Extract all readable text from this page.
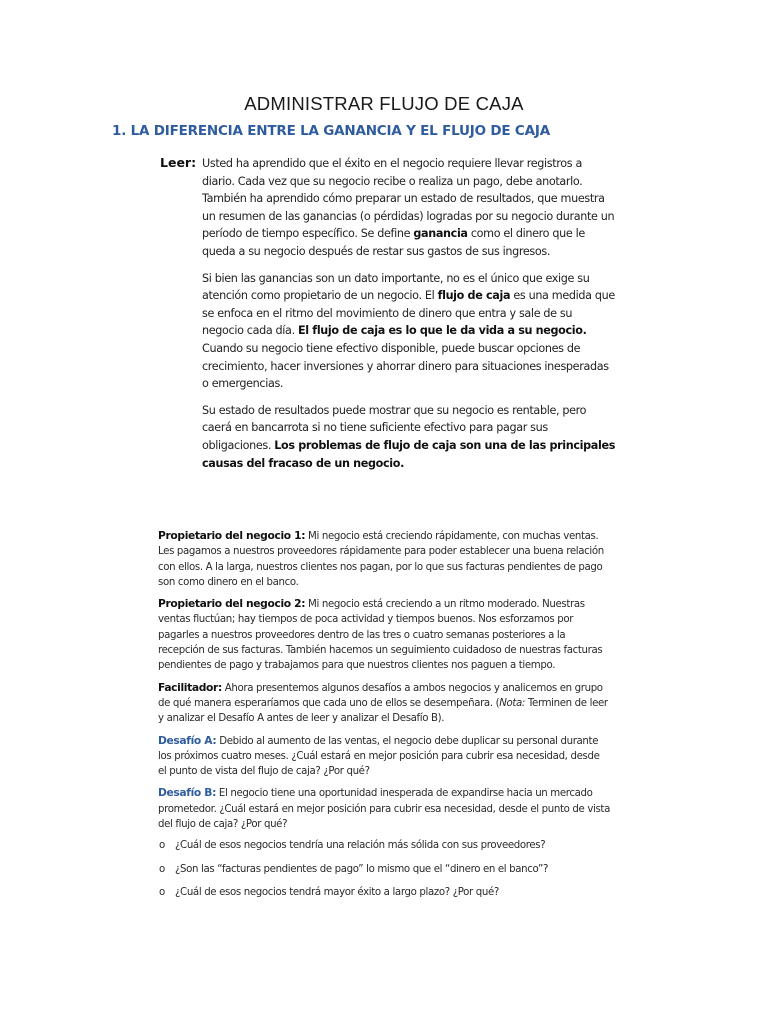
ADMINISTRAR FLUJO DE CAJA
1. LA DIFERENCIA ENTRE LA GANANCIA Y EL FLUJO DE CAJA
Leer: Usted ha aprendido que el éxito en el negocio requiere llevar registros a diario. Cada vez que su negocio recibe o realiza un pago, debe anotarlo. También ha aprendido cómo preparar un estado de resultados, que muestra un resumen de las ganancias (o pérdidas) logradas por su negocio durante un período de tiempo específico. Se define ganancia como el dinero que le queda a su negocio después de restar sus gastos de sus ingresos.

Si bien las ganancias son un dato importante, no es el único que exige su atención como propietario de un negocio. El flujo de caja es una medida que se enfoca en el ritmo del movimiento de dinero que entra y sale de su negocio cada día. El flujo de caja es lo que le da vida a su negocio. Cuando su negocio tiene efectivo disponible, puede buscar opciones de crecimiento, hacer inversiones y ahorrar dinero para situaciones inesperadas o emergencias.

Su estado de resultados puede mostrar que su negocio es rentable, pero caerá en bancarrota si no tiene suficiente efectivo para pagar sus obligaciones. Los problemas de flujo de caja son una de las principales causas del fracaso de un negocio.

Propietario del negocio 1: Mi negocio está creciendo rápidamente, con muchas ventas. Les pagamos a nuestros proveedores rápidamente para poder establecer una buena relación con ellos. A la larga, nuestros clientes nos pagan, por lo que sus facturas pendientes de pago son como dinero en el banco.

Propietario del negocio 2: Mi negocio está creciendo a un ritmo moderado. Nuestras ventas fluctúan; hay tiempos de poca actividad y tiempos buenos. Nos esforzamos por pagarles a nuestros proveedores dentro de las tres o cuatro semanas posteriores a la recepción de sus facturas. También hacemos un seguimiento cuidadoso de nuestras facturas pendientes de pago y trabajamos para que nuestros clientes nos paguen a tiempo.

Facilitador: Ahora presentemos algunos desafíos a ambos negocios y analicemos en grupo de qué manera esperaríamos que cada uno de ellos se desempeñara. (Nota: Terminen de leer y analizar el Desafío A antes de leer y analizar el Desafío B).

Desafío A: Debido al aumento de las ventas, el negocio debe duplicar su personal durante los próximos cuatro meses. ¿Cuál estará en mejor posición para cubrir esa necesidad, desde el punto de vista del flujo de caja? ¿Por qué?

Desafío B: El negocio tiene una oportunidad inesperada de expandirse hacia un mercado prometedor. ¿Cuál estará en mejor posición para cubrir esa necesidad, desde el punto de vista del flujo de caja? ¿Por qué?

o ¿Cuál de esos negocios tendría una relación más sólida con sus proveedores?
o ¿Son las “facturas pendientes de pago” lo mismo que el “dinero en el banco”?
o ¿Cuál de esos negocios tendrá mayor éxito a largo plazo? ¿Por qué?
